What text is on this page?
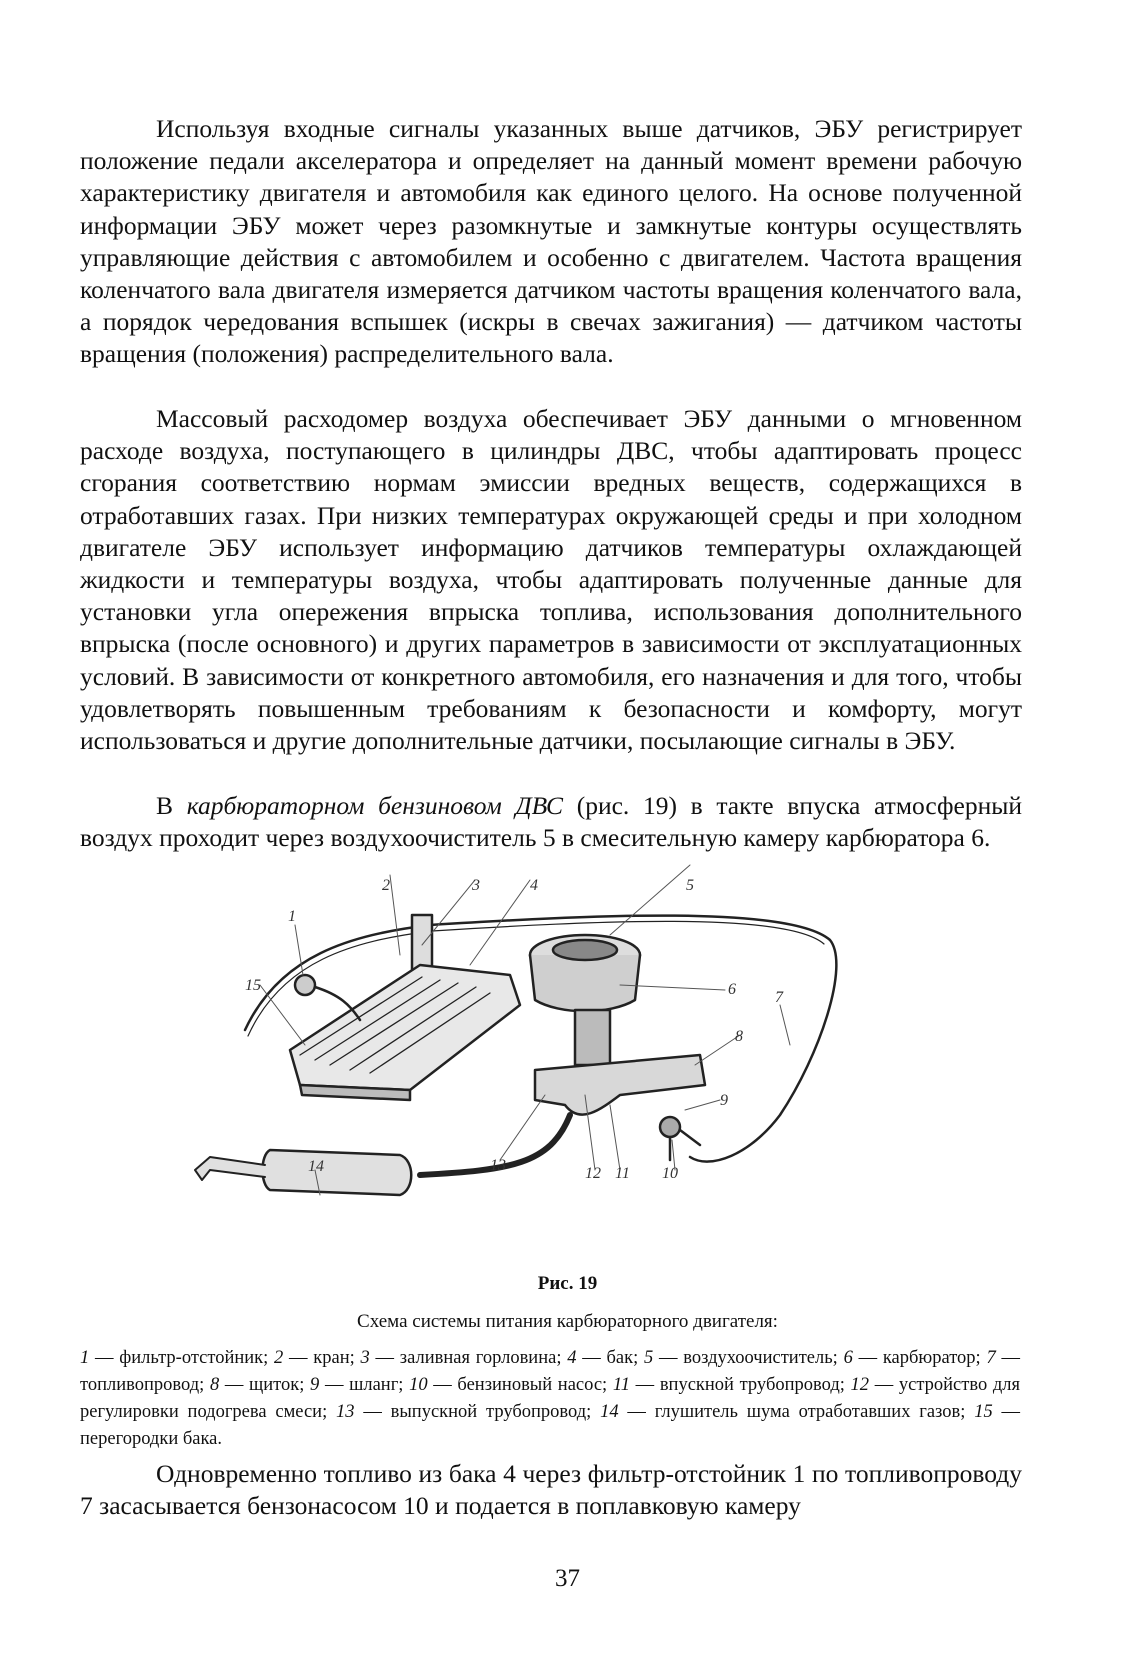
Используя входные сигналы указанных выше датчиков, ЭБУ регистрирует положение педали акселератора и определяет на данный момент времени рабочую характеристику двигателя и автомобиля как единого целого. На основе полученной информации ЭБУ может через разомкнутые и замкнутые контуры осуществлять управляющие действия с автомобилем и особенно с двигателем. Частота вращения коленчатого вала двигателя измеряется датчиком частоты вращения коленчатого вала, а порядок чередования вспышек (искры в свечах зажигания) — датчиком частоты вращения (положения) распределительного вала.

Массовый расходомер воздуха обеспечивает ЭБУ данными о мгновенном расходе воздуха, поступающего в цилиндры ДВС, чтобы адаптировать процесс сгорания соответствию нормам эмиссии вредных веществ, содержащихся в отработавших газах. При низких температурах окружающей среды и при холодном двигателе ЭБУ использует информацию датчиков температуры охлаждающей жидкости и температуры воздуха, чтобы адаптировать полученные данные для установки угла опережения впрыска топлива, использования дополнительного впрыска (после основного) и других параметров в зависимости от эксплуатационных условий. В зависимости от конкретного автомобиля, его назначения и для того, чтобы удовлетворять повышенным требованиям к безопасности и комфорту, могут использоваться и другие дополнительные датчики, посылающие сигналы в ЭБУ.

В карбюраторном бензиновом ДВС (рис. 19) в такте впуска атмосферный воздух проходит через воздухоочиститель 5 в смесительную камеру карбюратора 6.

1
2	3	4	5
6 7
8
9
10
11
12
13
14
15
Рис. 19
Схема системы питания карбюраторного двигателя:

1 — фильтр-отстойник; 2 — кран; 3 — заливная горловина; 4 — бак; 5 — воздухоочиститель; 6 — карбюратор; 7 — топливопровод; 8 — щиток; 9 — шланг; 10 — бензиновый насос; 11 — впускной трубопровод; 12 — устройство для регулировки подогрева смеси; 13 — выпускной трубопровод; 14 — глушитель шума отработавших газов; 15 — перегородки бака.

Одновременно топливо из бака 4 через фильтр-отстойник 1 по топливопроводу 7 засасывается бензонасосом 10 и подается в поплавковую камеру

37
